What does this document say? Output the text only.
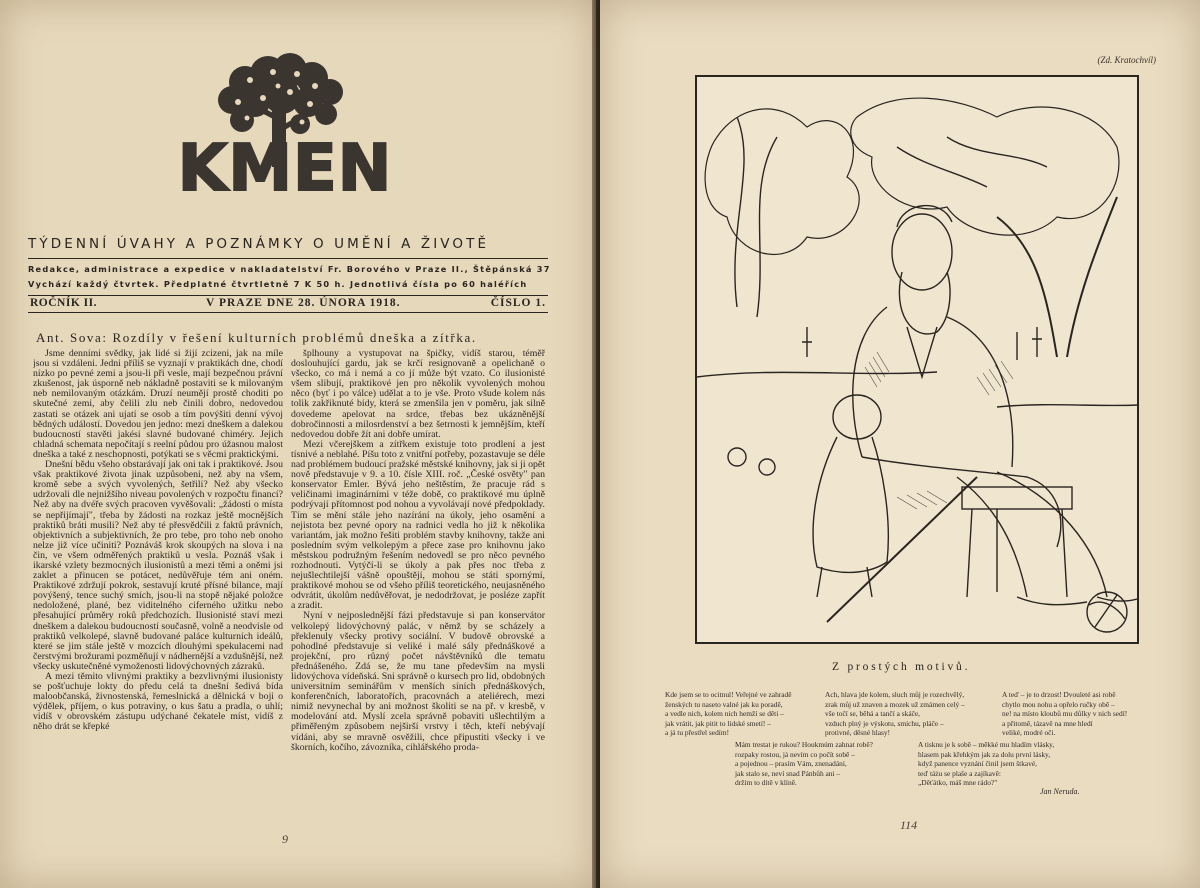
KMEN
TÝDENNÍ ÚVAHY A POZNÁMKY O UMĚNÍ A ŽIVOTĚ
Redakce, administrace a expedice v nakladatelství Fr. Borového v Praze II., Štěpánská 37
Vychází každý čtvrtek. Předplatné čtvrtletně 7 K 50 h. Jednotlivá čísla po 60 haléřích
ROČNÍK II.	V PRAZE DNE 28. ÚNORA 1918.	ČÍSLO 1.
Ant. Sova: Rozdíly v řešení kulturních problémů dneška a zítřka.

Jsme denními svědky, jak lidé si žijí zcizeni, jak na míle jsou si vzdáleni. Jedni příliš se vyznají v praktikách dne, chodí nízko po pevné zemi a jsou-li při vesle, mají bezpečnou právní zkušenost, jak úsporně neb nákladně postaviti se k milovaným neb nemilovaným otázkám. Druzí neumějí prostě choditi po skutečné zemi, aby čelili zlu neb činili dobro, nedovedou zastati se otázek ani ujatí se osob a tím povýšiti denní vývoj bědných událostí. Dovedou jen jedno: mezi dneškem a dalekou budoucností stavěti jakési slavné budované chiméry. Jejich chladná schemata nepočítají s reelní půdou pro úžasnou malost dneška a také z neschopnosti, potýkati se s věcmi praktickými.

Dnešní bědu všeho obstarávají jak oni tak i praktikové. Jsou však praktikové života jinak uzpůsobeni, než aby na všem, kromě sebe a svých vyvolených, šetřili? Než aby všecko udržovali dle nejnižšího niveau povolených v rozpočtu financí? Než aby na dvéře svých pracoven vyvěšovali: „žádosti o místa se nepřijímají", třeba by žádosti na rozkaz ještě mocnějších praktiků bráti musili? Než aby té přesvědčili z faktů právních, objektivních a subjektivních, že pro tebe, pro toho neb onoho nelze již více učiniti? Poznáváš krok skoupých na slova i na čin, ve všem odměřených praktiků u vesla. Poznáš však i ikarské vzlety bezmocných ilusionistů a mezi těmi a oněmi jsi zaklet a přinucen se potácet, nedůvěřuje tém ani oném. Praktikové zdržují pokrok, sestavují kruté přísné bilance, mají povýšený, tence suchý smích, jsou-li na stopě nějaké položce nedoložené, plané, bez viditelného ciferného užitku nebo přesahující průměry roků předchozích. Ilusionisté staví mezi dneškem a dalekou budoucností současně, volně a neodvisle od praktiků velkolepé, slavně budované paláce kulturních ideálů, které se jim stále ještě v mozcích dlouhými spekulacemi nad čerstvými brožurami pozměňují v nádhernější a vzdušnější, než všecky uskutečněné vymoženosti lidovýchovných zázraků.

A mezi těmito vlivnými praktiky a bezvlivnými ilusionisty se pošťuchuje lokty do předu celá ta dnešní šedivá bída maloobčanská, živnostenská, řemeslnická a dělnická v boji o výdělek, příjem, o kus potraviny, o kus šatu a pradla, o uhlí; vidíš v obrovském zástupu udýchané čekatele míst, vidíš z něho drát se křepké

šplhouny a vystupovat na špičky, vidíš starou, téměř doslouhující gardu, jak se krčí resignovaně a opelichaně o všecko, co má i nemá a co jí může být vzato. Co ilusionisté všem slibují, praktikové jen pro několik vyvolených mohou něco (byť i po válce) udělat a to je vše. Proto všude kolem nás tolik zakřiknuté bídy, která se zmenšila jen v poměru, jak silně dovedeme apelovat na srdce, třebas bez ukázněnější dobročinnosti a milosrdenství a bez šetrnosti k jemnějším, kteří nedovedou dobře žít ani dobře umírat.

Mezi včerejškem a zítřkem existuje toto prodlení a jest tísnivé a neblahé. Píšu toto z vnitřní potřeby, pozastavuje se déle nad problémem budoucí pražské městské knihovny, jak si ji opět nově představuje v 9. a 10. čísle XIII. roč. „České osvěty" pan konservator Emler. Bývá jeho neštěstím, že pracuje rád s veličinami imaginárními v téže době, co praktikové mu úplně podrývají přítomnost pod nohou a vyvolávají nové předpoklady. Tím se mění stále jeho nazírání na úkoly, jeho osamění a nejistota bez pevné opory na radnici vedla ho již k několika variantám, jak možno řešiti problém stavby knihovny, takže ani posledním svým velkolepým a přece zase pro knihovnu jako městskou podružným řešením nedovedl se pro něco pevného rozhodnouti. Vytýčí-li se úkoly a pak přes noc třeba z nejušlechtilejší vášně opouštějí, mohou se státi spornými, praktikové mohou se od všeho příliš teoretického, neujasněného odvrátit, úkolům nedůvěřovat, je nedodržovat, je posléze zapřít a zradit.

Nyní v nejposlednější fázi představuje si pan konservátor velkolepý lidovýchovný palác, v němž by se scházely a překlenuly všecky protivy sociální. V budově obrovské a pohodlné představuje si veliké i malé sály přednáškové a projekční, pro různý počet návštěvníků dle tematu přednášeného. Zdá se, že mu tane především na mysli lidovýchova vídeňská. Sni správně o kursech pro lid, obdobných universitním seminářům v menších síních přednáškových, konferenčních, laboratořích, pracovnách a ateliérech, mezi nimiž nevynechal by ani možnost školiti se na př. v kresbě, v modelování atd. Myslí zcela správně pobaviti ušlechtilým a přiměřeným způsobem nejširší vrstvy i těch, kteří nebývají vídáni, aby se mravně osvěžili, chce připustiti všecky i ve škorních, kočího, závozníka, cihlářského proda-

9
(Zd. Kratochvíl)
Z prostých motivů.
Kde jsem se to ocitnul! Veřejné ve zahradě
ženských tu naseto valné jak ku poradě,
a vedle nich, kolem nich hemží se děti –
jak vrátit, jak pitit to lidské smetí! –
a já tu přestřel sedím!
Ach, hlava jde kolem, sluch můj je rozechvělý,
zrak můj už znaven a mozek už zmámen celý –
vše točí se, běhá a tančí a skáče,
vzduch plný je výskotu, smíchu, pláče –
protivné, děsné hlasy!
A teď – je to drzost! Dvouleté asi robě
chytlo mou nohu a opřelo ručky obě –
ne! na místo kloubů mu důlky v nich sedí!
a přitomě, tázavě na mne hledí
veliké, modré oči.
Mám trestat je rukou? Houkmúm zahnat robě?
rozpaky rostou, já nevím co počít sobě –
a pojednou – prasím Vám, znenadání,
jak stalo se, neví snad Pánbůh ani –
držím to dítě v klíně.
A tisknu je k sobě – měkké mu hladím vlásky,
hlasem pak křehkým jak za dolu první lásky,
když panence vyznání činil jsem štkavé,
teď táżu se plaše a zajíkavě:
„Děťátko, máš mne rádo?"
Jan Neruda.
114
